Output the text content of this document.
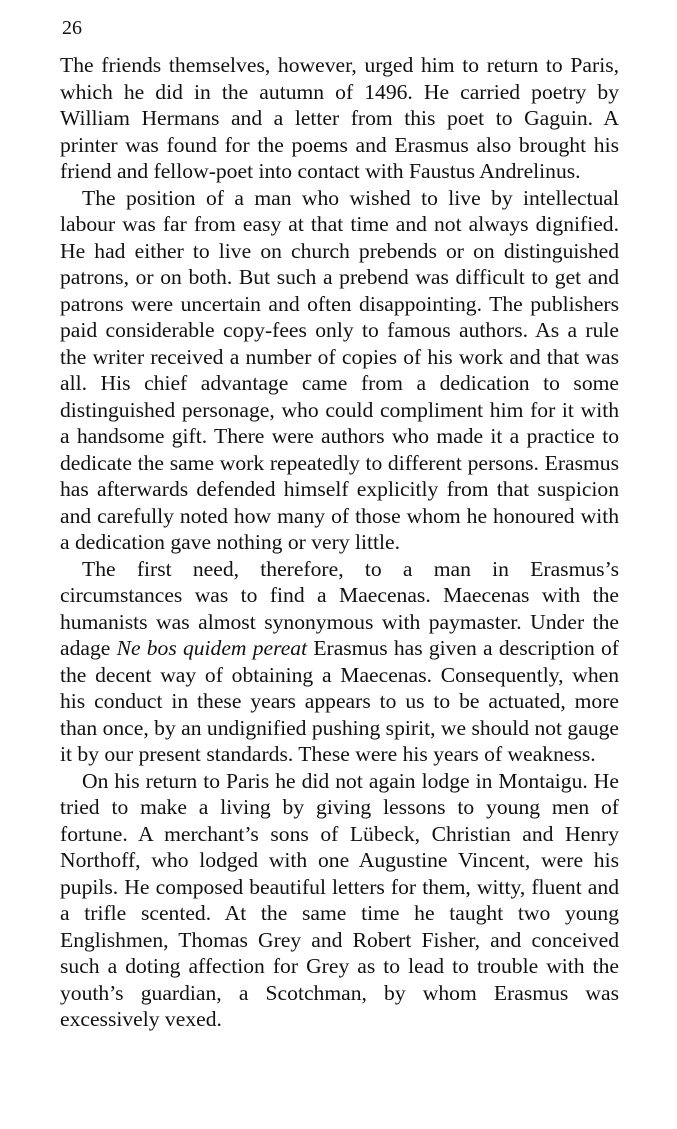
26

The friends themselves, however, urged him to return to Paris, which he did in the autumn of 1496. He carried poetry by William Hermans and a letter from this poet to Gaguin. A printer was found for the poems and Erasmus also brought his friend and fellow-poet into contact with Faustus Andrelinus.

The position of a man who wished to live by intellectual labour was far from easy at that time and not always dignified. He had either to live on church prebends or on distinguished patrons, or on both. But such a prebend was difficult to get and patrons were uncertain and often disappointing. The publishers paid considerable copy-fees only to famous authors. As a rule the writer received a number of copies of his work and that was all. His chief advantage came from a dedication to some distinguished personage, who could compliment him for it with a handsome gift. There were authors who made it a practice to dedicate the same work repeatedly to different persons. Erasmus has afterwards defended himself explicitly from that suspicion and carefully noted how many of those whom he honoured with a dedication gave nothing or very little.

The first need, therefore, to a man in Erasmus’s circumstances was to find a Maecenas. Maecenas with the humanists was almost synonymous with paymaster. Under the adage Ne bos quidem pereat Erasmus has given a description of the decent way of obtaining a Maecenas. Consequently, when his conduct in these years appears to us to be actuated, more than once, by an undignified pushing spirit, we should not gauge it by our present standards. These were his years of weakness.

On his return to Paris he did not again lodge in Montaigu. He tried to make a living by giving lessons to young men of fortune. A merchant’s sons of Lübeck, Christian and Henry Northoff, who lodged with one Augustine Vincent, were his pupils. He composed beautiful letters for them, witty, fluent and a trifle scented. At the same time he taught two young Englishmen, Thomas Grey and Robert Fisher, and conceived such a doting affection for Grey as to lead to trouble with the youth’s guardian, a Scotchman, by whom Erasmus was excessively vexed.
